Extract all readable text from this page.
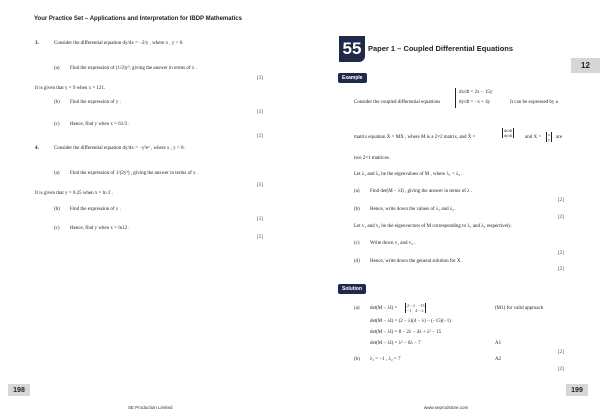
Your Practice Set – Applications and Interpretation for IBDP Mathematics
3.	Consider the differential equation dy/dx = −2/y , where x , y > 0.
(a) Find the expression of (1/2)y², giving the answer in terms of x .
[3]
It is given that y = 9 when x = 121.
(b) Find the expression of y .
[3]
(c) Hence, find y when x = 61/3 .
[2]
4.	Consider the differential equation dy/dx = −y²eˣ , where x , y > 0.
(a) Find the expression of 1/(2y²) , giving the answer in terms of x .
[3]
It is given that y = 0.25 when x = ln 2 .
(b) Find the expression of y .
[3]
(c) Hence, find y when x = ln12 .
[2]
198
SE Production Limited
55 Paper 1 – Coupled Differential Equations
12
Example
Consider the coupled differential equations
dx/dt = 2x − 15y
dy/dt = −x + 4y	It can be expressed by a
matrix equation Ẋ = MX , where M is a 2×2 matrix, and Ẋ =
dx/dt
dy/dt	and X =
x
y are
two 2×1 matrices.
Let λ₁ and λ₂ be the eigenvalues of M , where λ₁ < λ₂ .
(a) Find det(M − λI) , giving the answer in terms of λ .
[2]
(b) Hence, write down the values of λ₁ and λ₂ .
[2]
Let v₁ and v₂ be the eigenvectors of M corresponding to λ₁ and λ₂ respectively.
(c) Write down v₁ and v₂ .
[2]
(d) Hence, write down the general solution for X .
[2]
Solution
(a) det(M − λI) =
2 − λ   −15
−1    4 − λ	(M1) for valid approach
det(M − λI) = (2 − λ)(4 − λ) − (−15)(−1)
det(M − λI) = 8 − 2λ − 4λ + λ² − 15
det(M − λI) = λ² − 6λ − 7	A1
[2]
(b) λ₁ = −1 , λ₂ = 7	A2
[2]
199
www.seprodstore.com
